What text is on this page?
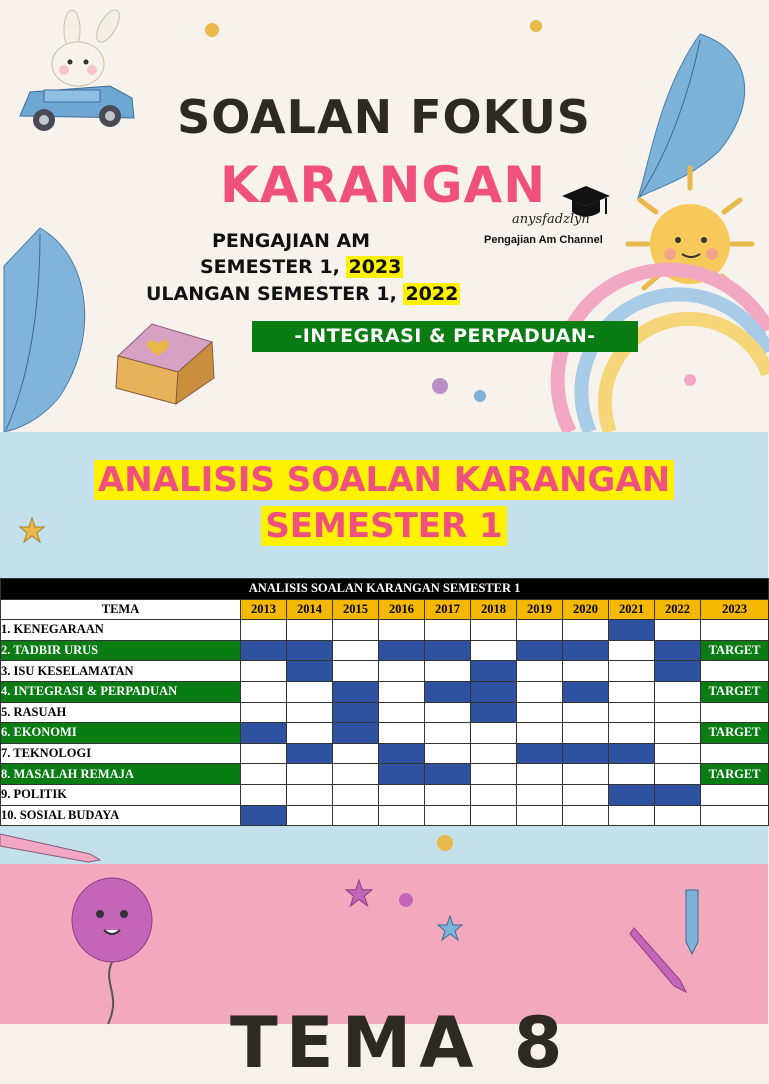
SOALAN FOKUS
KARANGAN
PENGAJIAN AM
SEMESTER 1, 2023
ULANGAN SEMESTER 1, 2022
anysfadzlyn
Pengajian Am Channel
-INTEGRASI & PERPADUAN-
ANALISIS SOALAN KARANGAN
SEMESTER 1
ANALISIS SOALAN KARANGAN SEMESTER 1											
TEMA	2013	2014	2015	2016	2017	2018	2019	2020	2021	2022	2023
1. KENEGARAAN											
2. TADBIR URUS											TARGET
3. ISU KESELAMATAN											
4. INTEGRASI & PERPADUAN											TARGET
5. RASUAH											
6. EKONOMI											TARGET
7. TEKNOLOGI											
8. MASALAH REMAJA											TARGET
9. POLITIK											
10. SOSIAL BUDAYA											
TEMA 8
